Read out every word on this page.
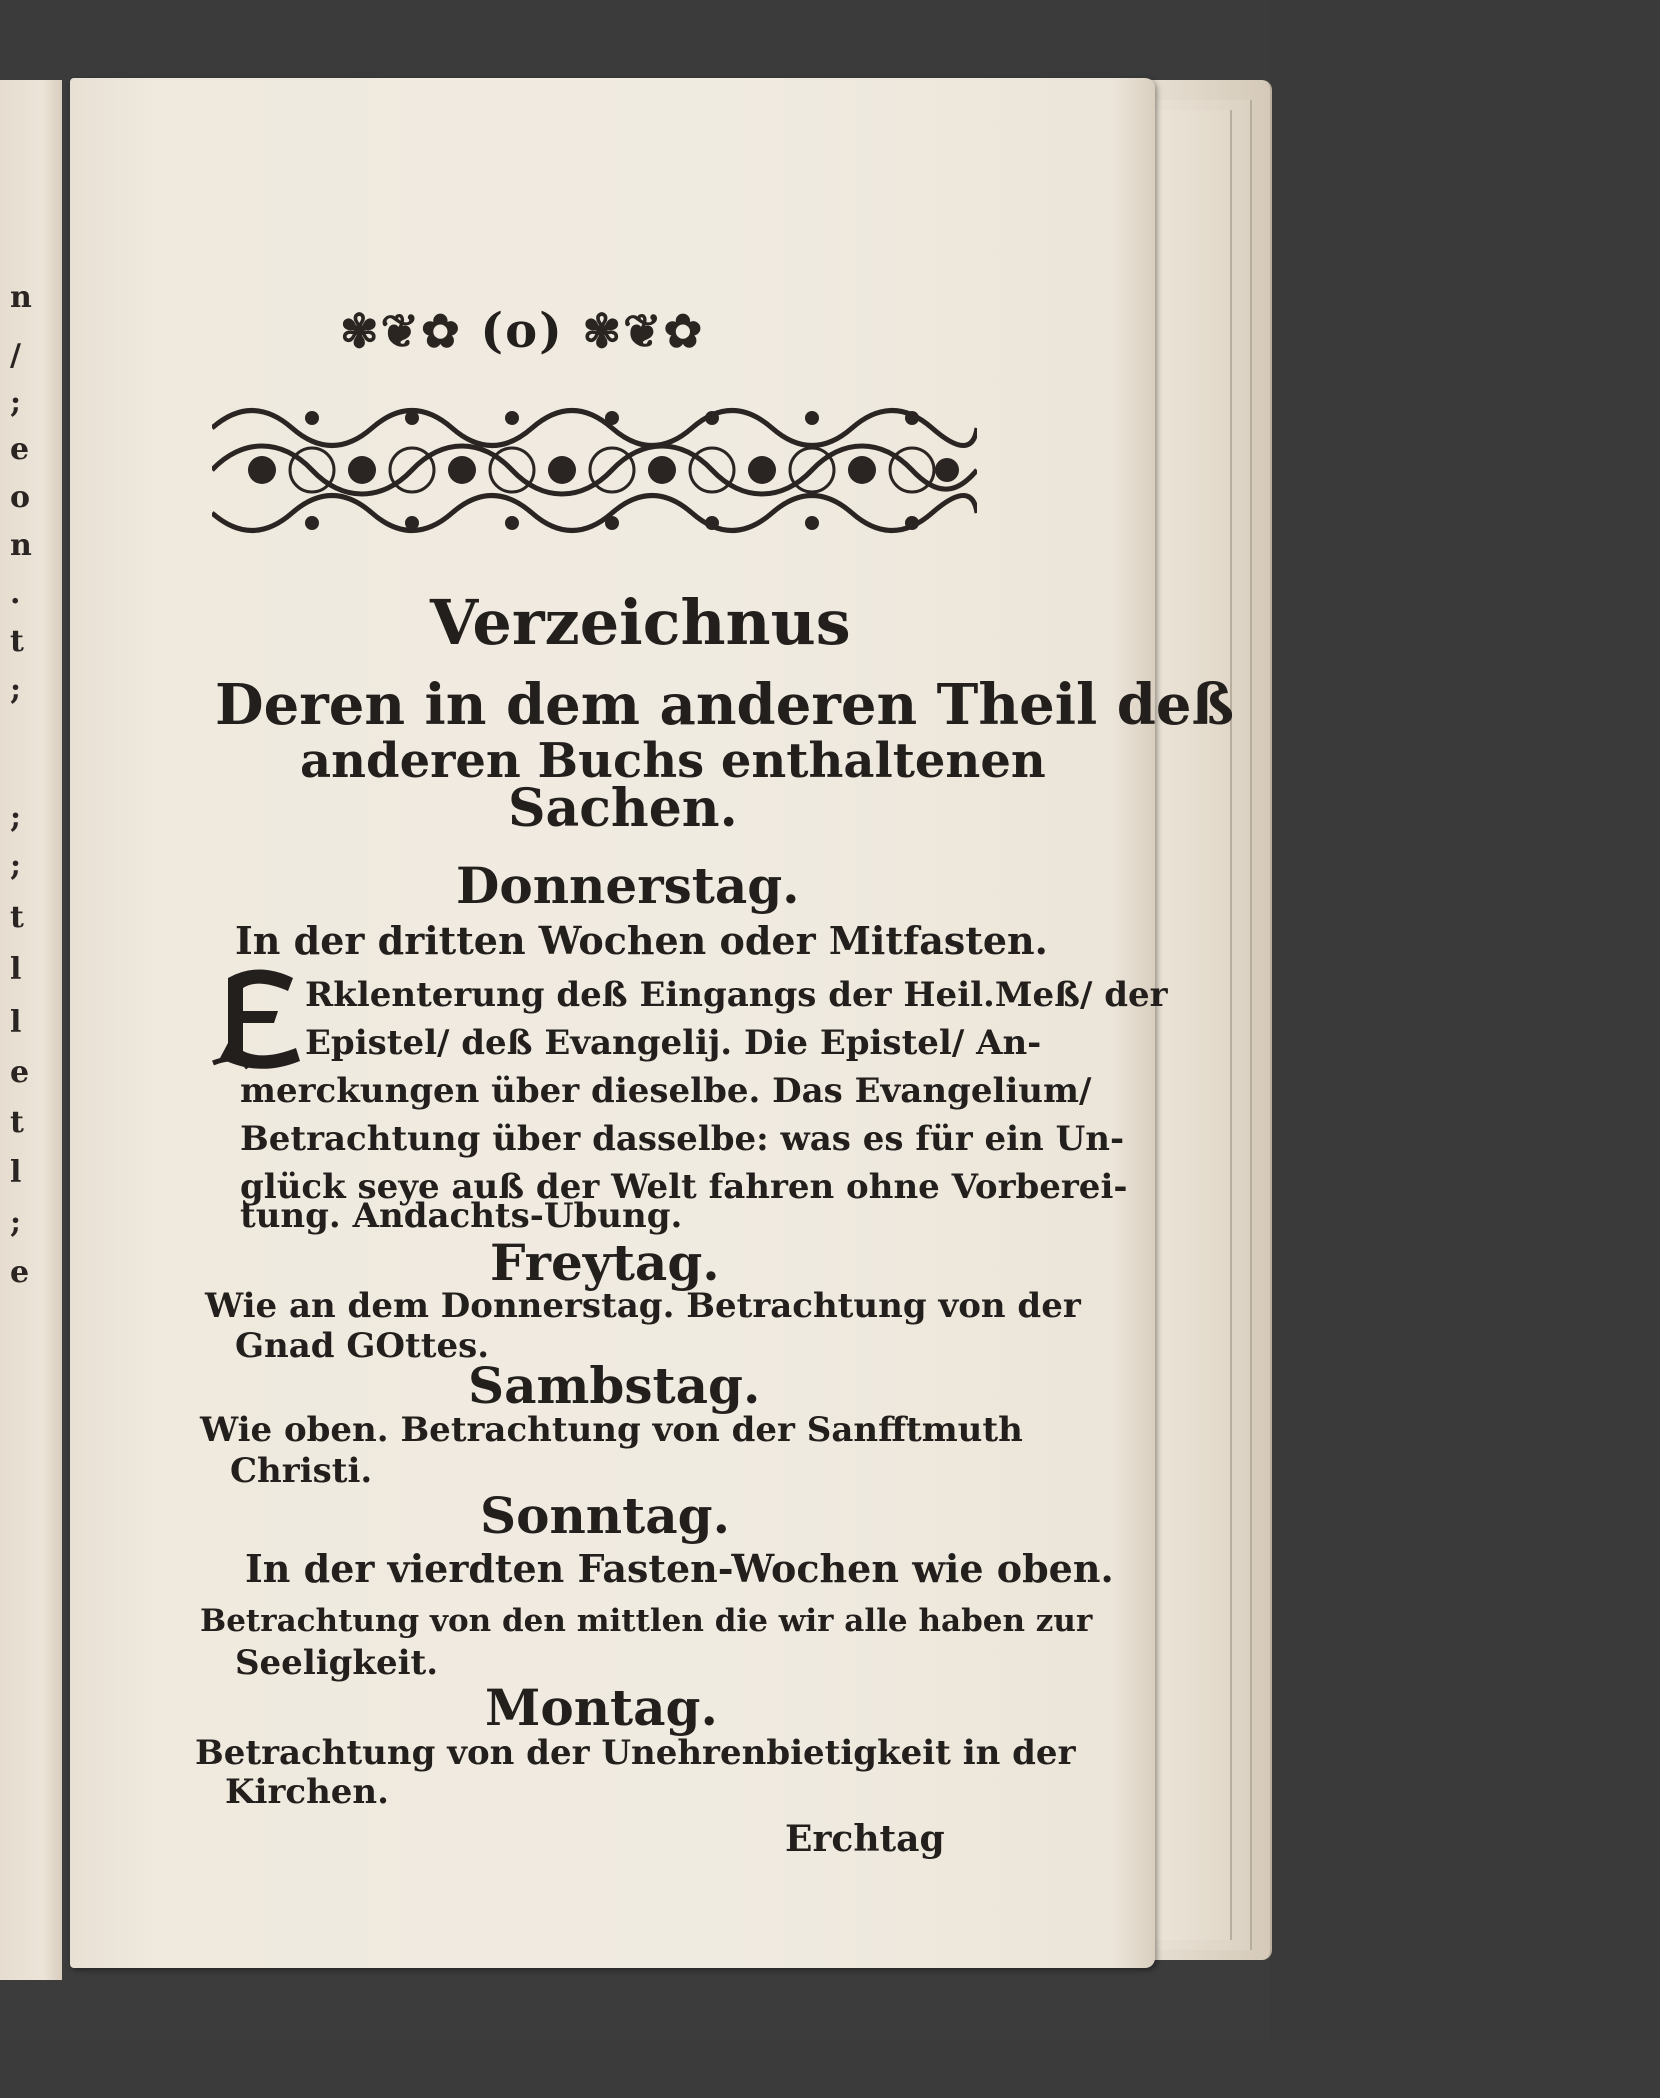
n
/
;
e
o
n
.
t
;
;
;
t
l
l
e
t
l
;
e
✾❦✿ (o) ✾❦✿
Verzeichnus
Deren in dem anderen Theil deß
anderen Buchs enthaltenen
Sachen.
Donnerstag.
In der dritten Wochen oder Mitfasten.
Rklenterung deß Eingangs der Heil.Meß/ der
Epistel/ deß Evangelij. Die Epistel/ An-
merckungen über dieselbe. Das Evangelium/
Betrachtung über dasselbe: was es für ein Un-
glück seye auß der Welt fahren ohne Vorberei-
tung. Andachts-Ubung.
Freytag.
Wie an dem Donnerstag. Betrachtung von der
Gnad GOttes.
Sambstag.
Wie oben. Betrachtung von der Sanfftmuth
Christi.
Sonntag.
In der vierdten Fasten-Wochen wie oben.
Betrachtung von den mittlen die wir alle haben zur
Seeligkeit.
Montag.
Betrachtung von der Unehrenbietigkeit in der
Kirchen.
Erchtag
